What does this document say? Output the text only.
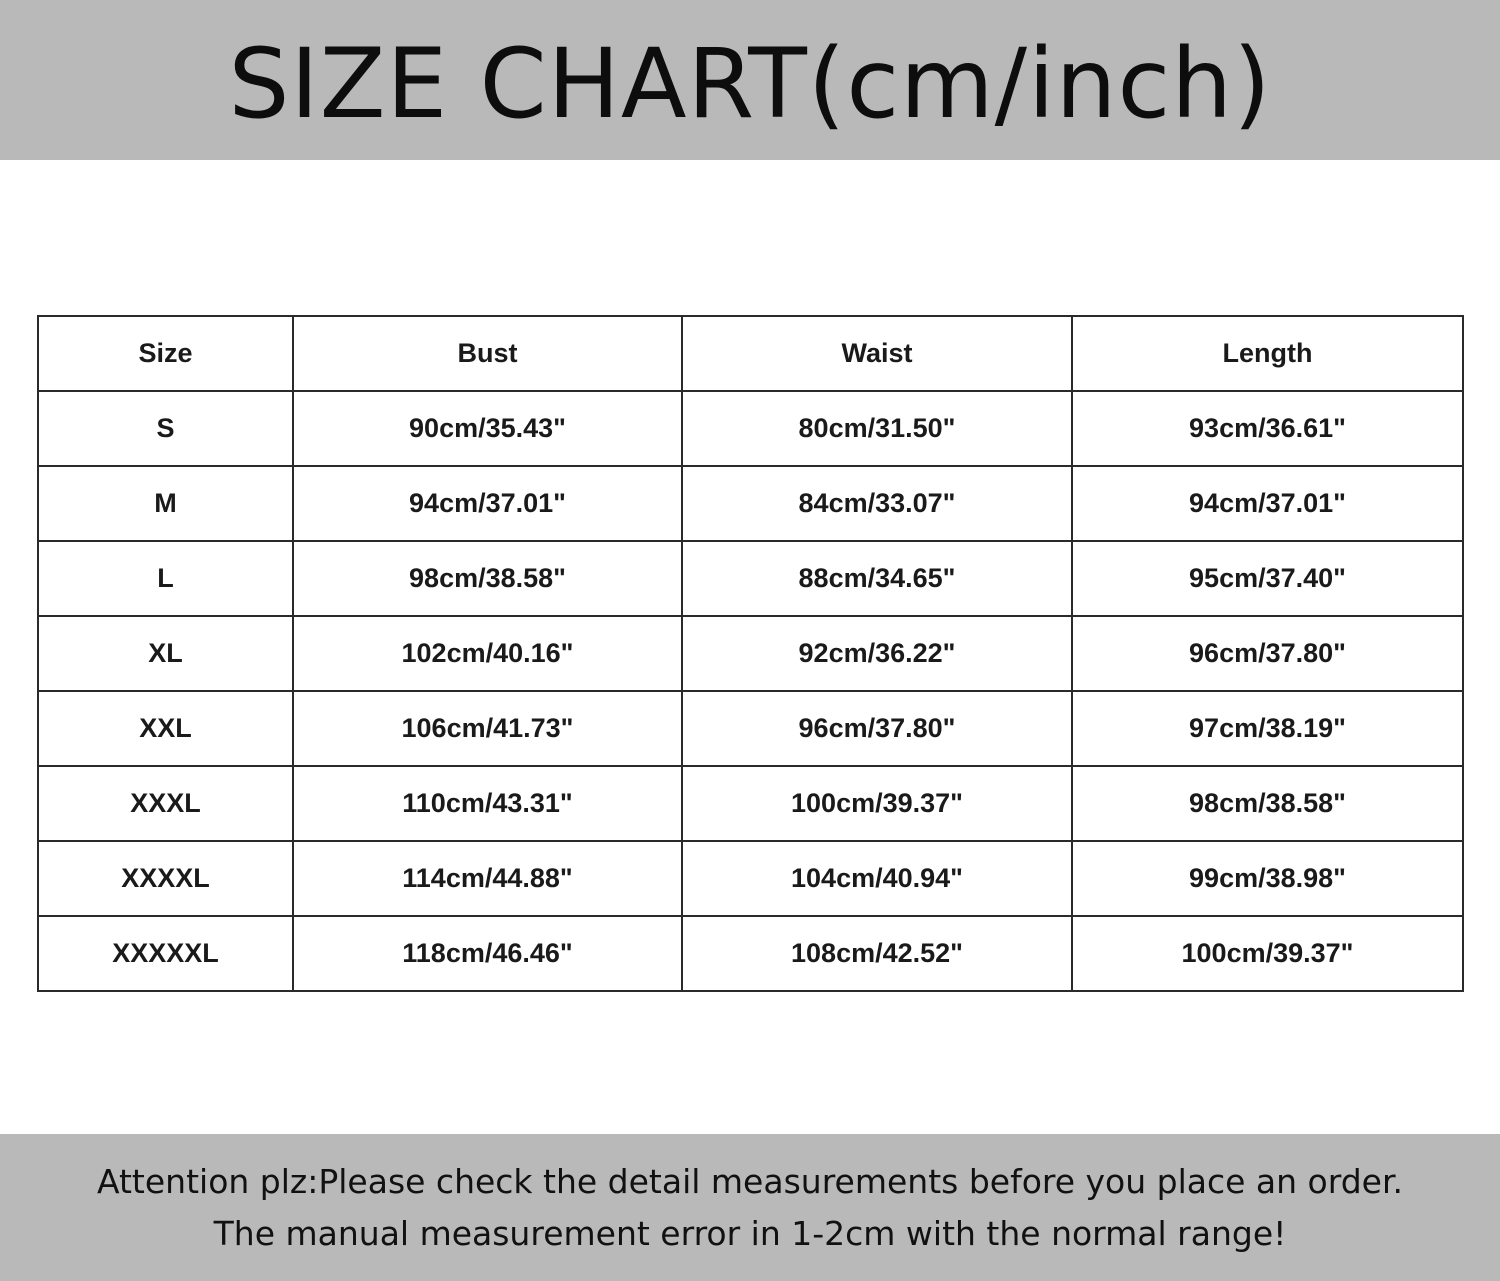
SIZE CHART(cm/inch)
Size	Bust	Waist	Length
S	90cm/35.43"	80cm/31.50"	93cm/36.61"
M	94cm/37.01"	84cm/33.07"	94cm/37.01"
L	98cm/38.58"	88cm/34.65"	95cm/37.40"
XL	102cm/40.16"	92cm/36.22"	96cm/37.80"
XXL	106cm/41.73"	96cm/37.80"	97cm/38.19"
XXXL	110cm/43.31"	100cm/39.37"	98cm/38.58"
XXXXL	114cm/44.88"	104cm/40.94"	99cm/38.98"
XXXXXL	118cm/46.46"	108cm/42.52"	100cm/39.37"
Attention plz:Please check the detail measurements before you place an order.
The manual measurement error in 1-2cm with the normal range!
